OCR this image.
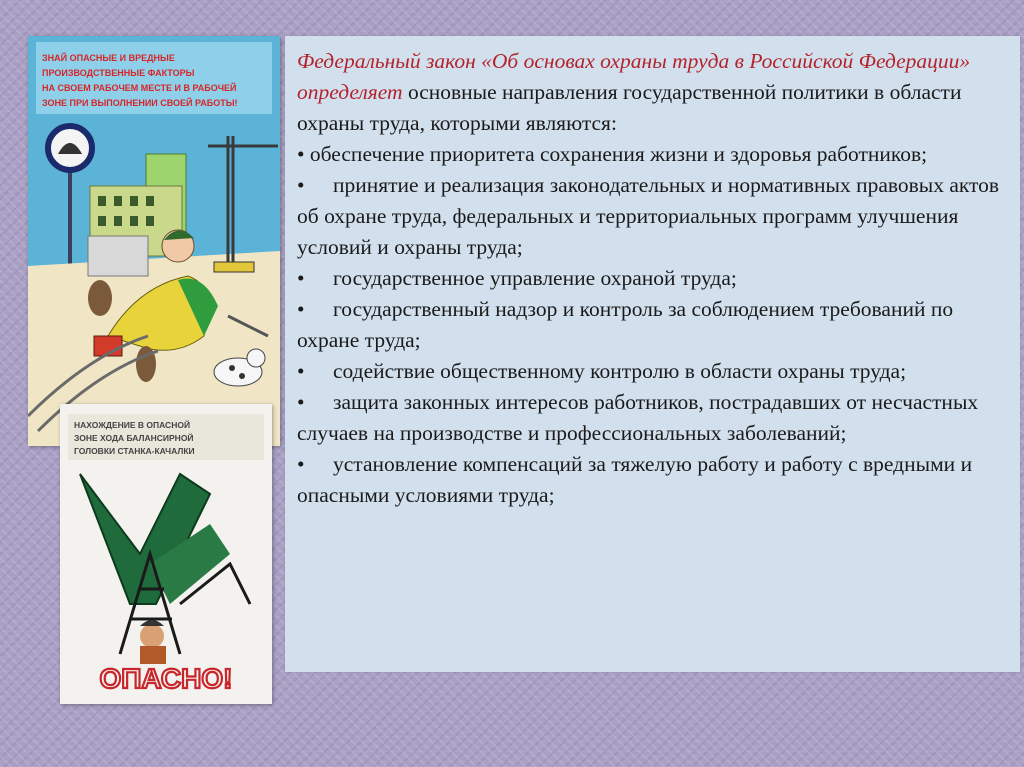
ЗНАЙ ОПАСНЫЕ И ВРЕДНЫЕ
ПРОИЗВОДСТВЕННЫЕ ФАКТОРЫ
НА СВОЕМ РАБОЧЕМ МЕСТЕ И В РАБОЧЕЙ
ЗОНЕ ПРИ ВЫПОЛНЕНИИ СВОЕЙ РАБОТЫ!
НАХОЖДЕНИЕ В ОПАСНОЙ
ЗОНЕ ХОДА БАЛАНСИРНОЙ
ГОЛОВКИ СТАНКА-КАЧАЛКИ
ОПАСНО!

Федеральный закон «Об основах охраны труда в Российской Федерации» определяет основные направления государственной политики в области охраны труда, которыми являются:

• обеспечение приоритета сохранения жизни и здоровья работников;

• принятие и реализация законодательных и нормативных правовых актов об охране труда, федеральных и территориальных программ улучшения условий и охраны труда;

• государственное управление охраной труда;

• государственный надзор и контроль за соблюдением требований по охране труда;

• содействие общественному контролю в области охраны труда;

• защита законных интересов работников, пострадавших от несчастных случаев на производстве и профессиональных заболеваний;

• установление компенсаций за тяжелую работу и работу с вредными и опасными условиями труда;
